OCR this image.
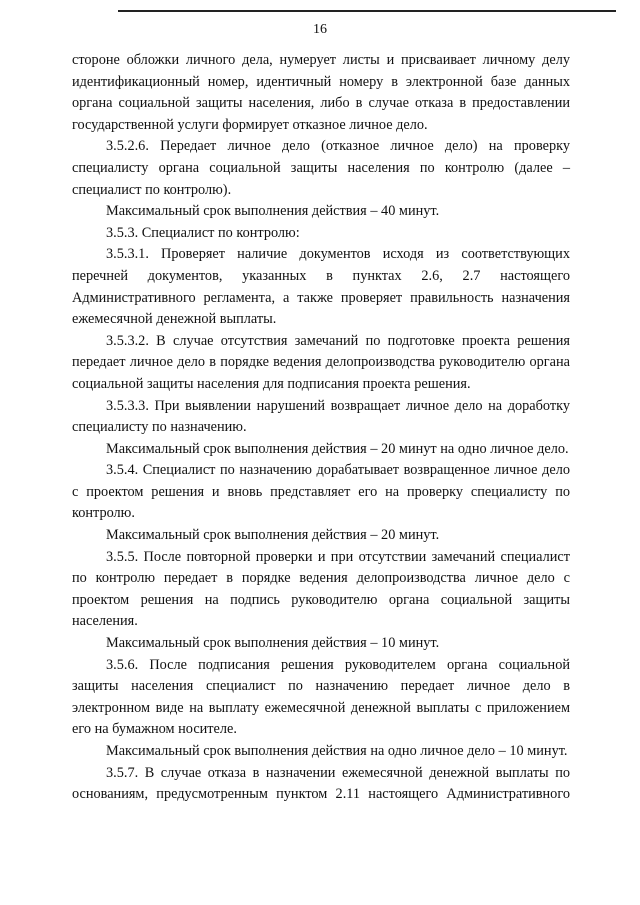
16

стороне обложки личного дела, нумерует листы и присваивает личному делу идентификационный номер, идентичный номеру в электронной базе данных органа социальной защиты населения, либо в случае отказа в предоставлении государственной услуги формирует отказное личное дело.

3.5.2.6. Передает личное дело (отказное личное дело) на проверку специалисту органа социальной защиты населения по контролю (далее – специалист по контролю).

Максимальный срок выполнения действия – 40 минут.

3.5.3. Специалист по контролю:

3.5.3.1. Проверяет наличие документов исходя из соответствующих перечней документов, указанных в пунктах 2.6, 2.7 настоящего Административного регламента, а также проверяет правильность назначения ежемесячной денежной выплаты.

3.5.3.2. В случае отсутствия замечаний по подготовке проекта решения передает личное дело в порядке ведения делопроизводства руководителю органа социальной защиты населения для подписания проекта решения.

3.5.3.3. При выявлении нарушений возвращает личное дело на доработку специалисту по назначению.

Максимальный срок выполнения действия – 20 минут на одно личное дело.

3.5.4. Специалист по назначению дорабатывает возвращенное личное дело с проектом решения и вновь представляет его на проверку специалисту по контролю.

Максимальный срок выполнения действия – 20 минут.

3.5.5. После повторной проверки и при отсутствии замечаний специалист по контролю передает в порядке ведения делопроизводства личное дело с проектом решения на подпись руководителю органа социальной защиты населения.

Максимальный срок выполнения действия – 10 минут.

3.5.6. После подписания решения руководителем органа социальной защиты населения специалист по назначению передает личное дело в электронном виде на выплату ежемесячной денежной выплаты с приложением его на бумажном носителе.

Максимальный срок выполнения действия на одно личное дело – 10 минут.

3.5.7. В случае отказа в назначении ежемесячной денежной выплаты по основаниям, предусмотренным пунктом 2.11 настоящего Административного
